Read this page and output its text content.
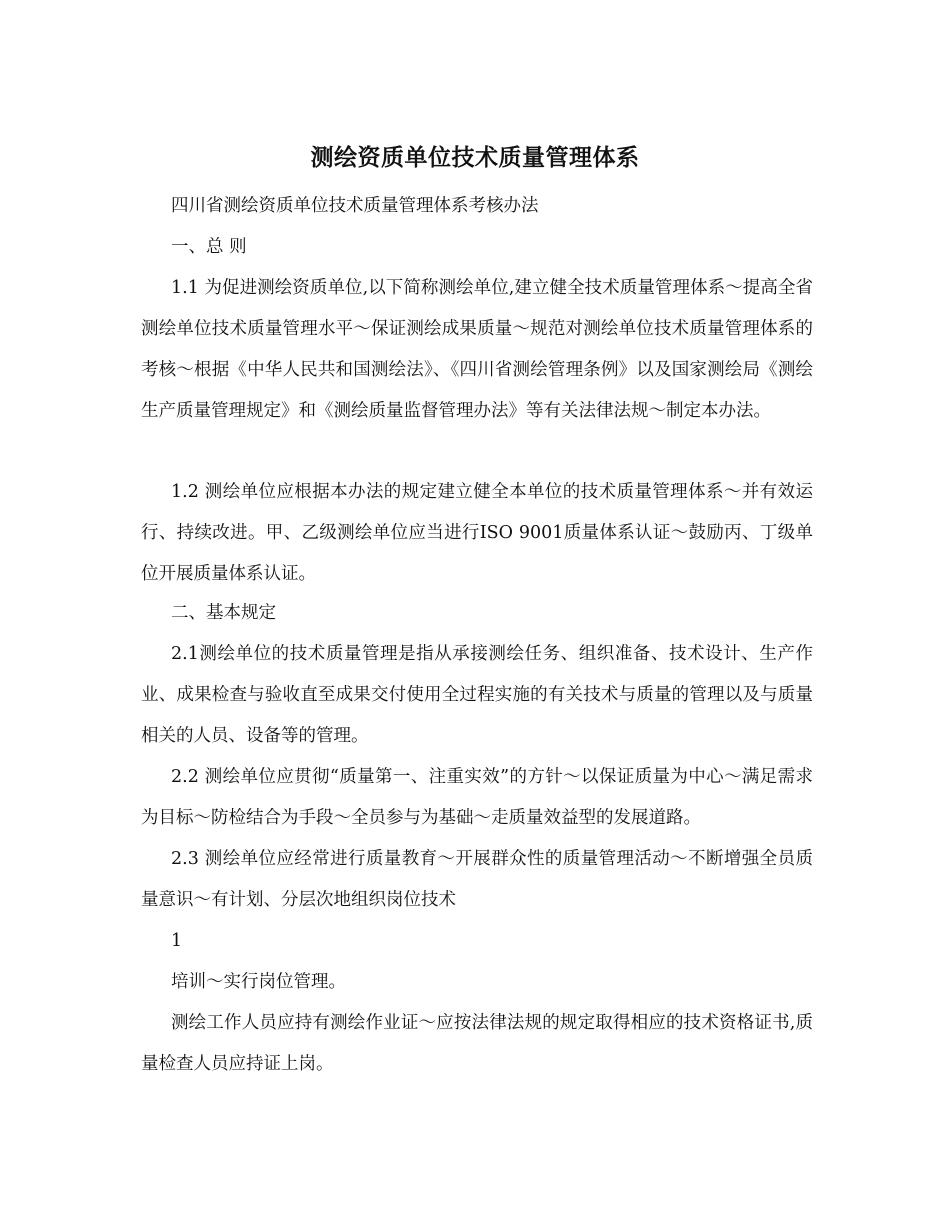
测绘资质单位技术质量管理体系
四川省测绘资质单位技术质量管理体系考核办法
一、总 则
1.1 为促进测绘资质单位,以下简称测绘单位,建立健全技术质量管理体系～提高全省测绘单位技术质量管理水平～保证测绘成果质量～规范对测绘单位技术质量管理体系的考核～根据《中华人民共和国测绘法》、《四川省测绘管理条例》以及国家测绘局《测绘生产质量管理规定》和《测绘质量监督管理办法》等有关法律法规～制定本办法。
1.2 测绘单位应根据本办法的规定建立健全本单位的技术质量管理体系～并有效运行、持续改进。甲、乙级测绘单位应当进行ISO 9001质量体系认证～鼓励丙、丁级单位开展质量体系认证。
二、基本规定
2.1测绘单位的技术质量管理是指从承接测绘任务、组织准备、技术设计、生产作业、成果检查与验收直至成果交付使用全过程实施的有关技术与质量的管理以及与质量相关的人员、设备等的管理。
2.2 测绘单位应贯彻“质量第一、注重实效”的方针～以保证质量为中心～满足需求为目标～防检结合为手段～全员参与为基础～走质量效益型的发展道路。
2.3 测绘单位应经常进行质量教育～开展群众性的质量管理活动～不断增强全员质量意识～有计划、分层次地组织岗位技术
1
培训～实行岗位管理。
测绘工作人员应持有测绘作业证～应按法律法规的规定取得相应的技术资格证书,质量检查人员应持证上岗。
